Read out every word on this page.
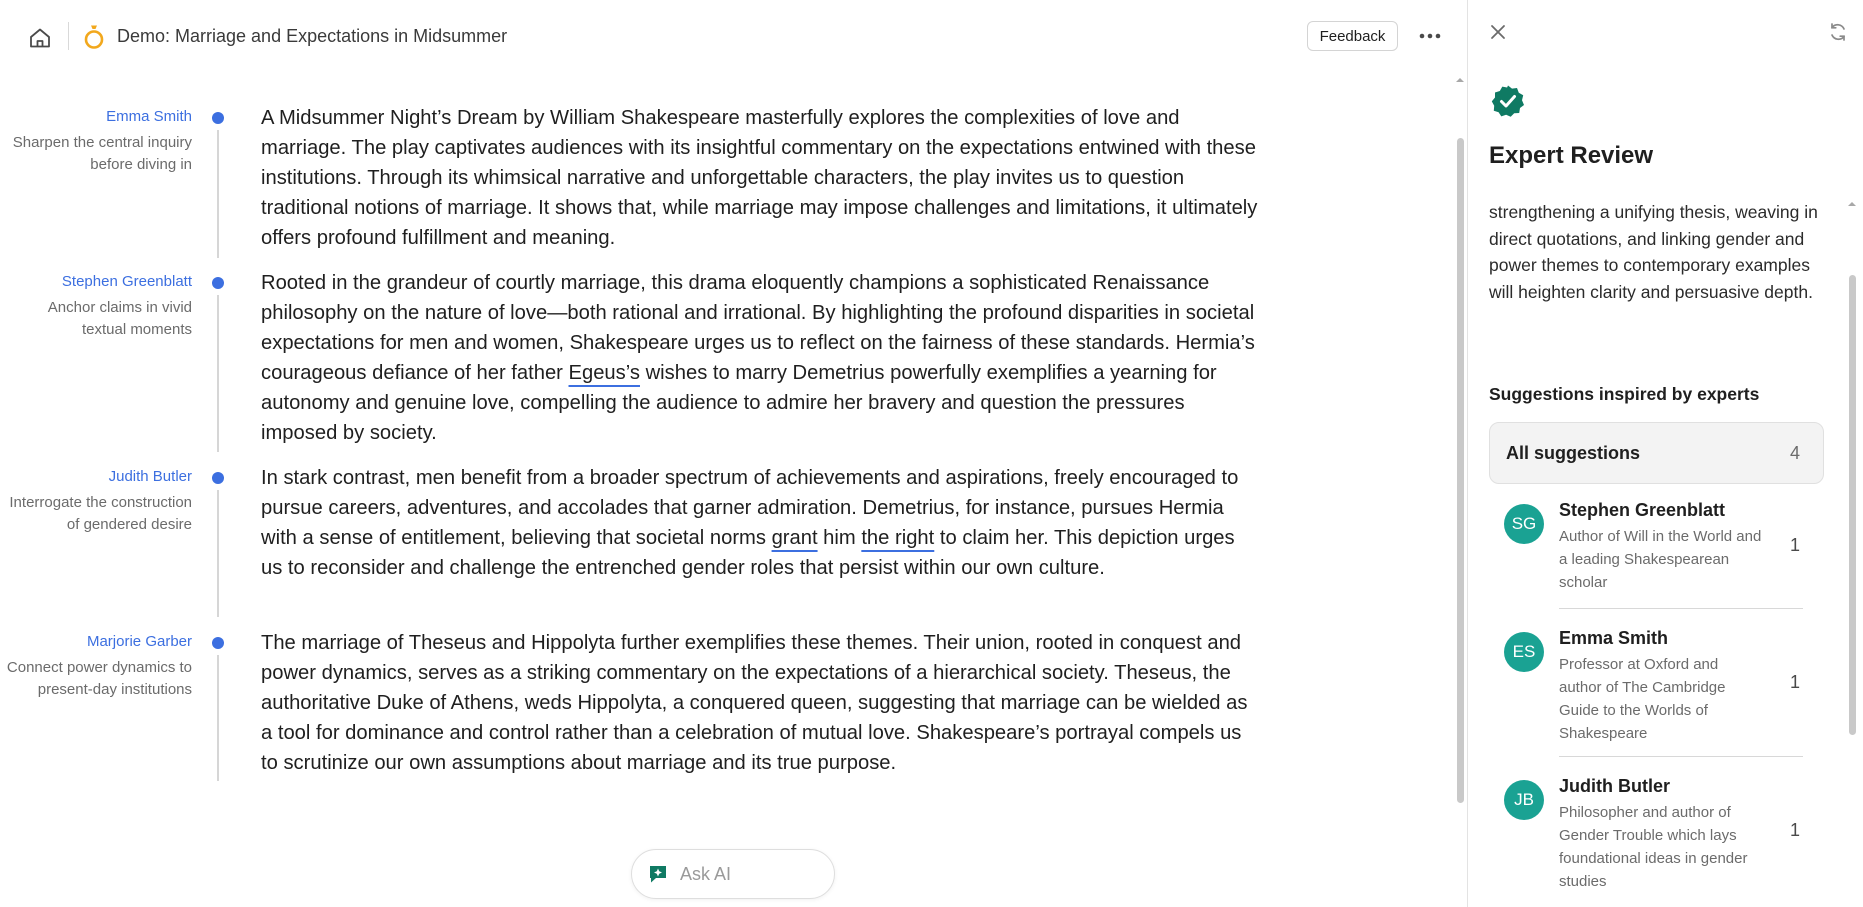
Demo: Marriage and Expectations in Midsummer	Feedback
Emma Smith
Sharpen the central inquiry before diving in
A Midsummer Night’s Dream by William Shakespeare masterfully explores the complexities of love and marriage. The play captivates audiences with its insightful commentary on the expectations entwined with these institutions. Through its whimsical narrative and unforgettable characters, the play invites us to question traditional notions of marriage. It shows that, while marriage may impose challenges and limitations, it ultimately offers profound fulfillment and meaning.
Stephen Greenblatt
Anchor claims in vivid textual moments
Rooted in the grandeur of courtly marriage, this drama eloquently champions a sophisticated Renaissance philosophy on the nature of love—both rational and irrational. By highlighting the profound disparities in societal expectations for men and women, Shakespeare urges us to reflect on the fairness of these standards. Hermia’s courageous defiance of her father Egeus’s wishes to marry Demetrius powerfully exemplifies a yearning for autonomy and genuine love, compelling the audience to admire her bravery and question the pressures imposed by society.
Judith Butler
Interrogate the construction of gendered desire
In stark contrast, men benefit from a broader spectrum of achievements and aspirations, freely encouraged to pursue careers, adventures, and accolades that garner admiration. Demetrius, for instance, pursues Hermia with a sense of entitlement, believing that societal norms grant him the right to claim her. This depiction urges us to reconsider and challenge the entrenched gender roles that persist within our own culture.
Marjorie Garber
Connect power dynamics to present-day institutions
The marriage of Theseus and Hippolyta further exemplifies these themes. Their union, rooted in conquest and power dynamics, serves as a striking commentary on the expectations of a hierarchical society. Theseus, the authoritative Duke of Athens, weds Hippolyta, a conquered queen, suggesting that marriage can be wielded as a tool for dominance and control rather than a celebration of mutual love. Shakespeare’s portrayal compels us to scrutinize our own assumptions about marriage and its true purpose.
Ask AI
Expert Review
strengthening a unifying thesis, weaving in direct quotations, and linking gender and power themes to contemporary examples will heighten clarity and persuasive depth.
Suggestions inspired by experts
All suggestions	4
SG
Stephen Greenblatt
Author of Will in the World and a leading Shakespearean scholar
1
ES
Emma Smith
Professor at Oxford and author of The Cambridge Guide to the Worlds of Shakespeare
1
JB
Judith Butler
Philosopher and author of Gender Trouble which lays foundational ideas in gender studies
1
